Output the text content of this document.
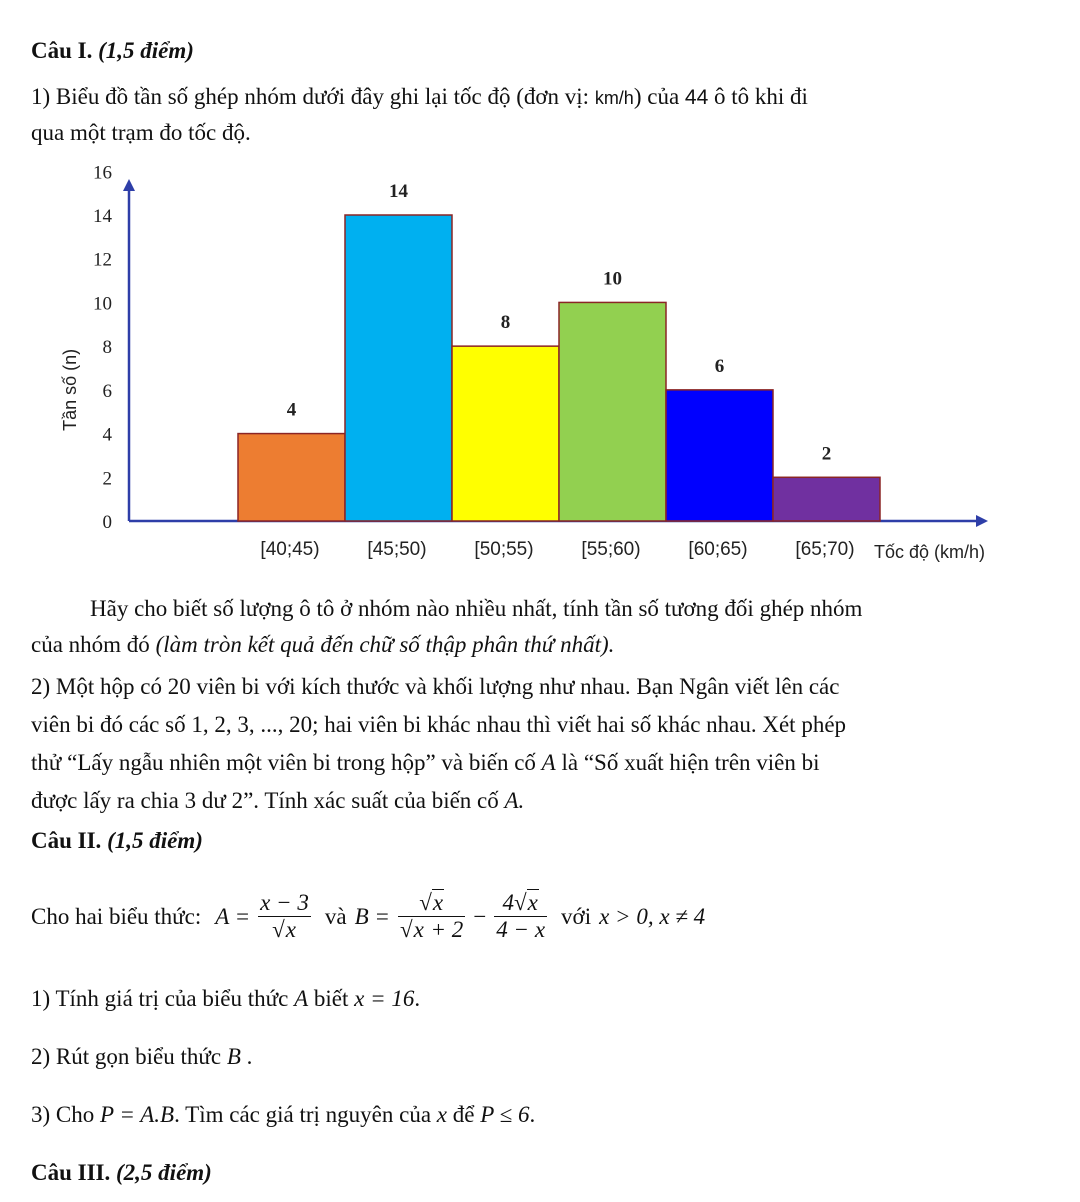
Câu I. (1,5 điểm)
1) Biểu đồ tần số ghép nhóm dưới đây ghi lại tốc độ (đơn vị: km/h) của 44 ô tô khi đi
qua một trạm đo tốc độ.
0
2
4
6
8
10
12
14
16
Tần số (n)	4
[40;45)
14
[45;50)
8
[50;55)
10
[55;60)
6
[60;65)
2
[65;70) Tốc độ (km/h)
Hãy cho biết số lượng ô tô ở nhóm nào nhiều nhất, tính tần số tương đối ghép nhóm
của nhóm đó (làm tròn kết quả đến chữ số thập phân thứ nhất).
2) Một hộp có 20 viên bi với kích thước và khối lượng như nhau. Bạn Ngân viết lên các
viên bi đó các số 1, 2, 3, ..., 20; hai viên bi khác nhau thì viết hai số khác nhau. Xét phép
thử “Lấy ngẫu nhiên một viên bi trong hộp” và biến cố A là “Số xuất hiện trên viên bi
được lấy ra chia 3 dư 2”. Tính xác suất của biến cố A.
Câu II. (1,5 điểm)
Cho hai biểu thức: $A = \frac{x - 3}{√x}$ và $B = \frac{√x}{√x + 2} - \frac{4√x}{4 - x}$ với x > 0, x ≠ 4
1) Tính giá trị của biểu thức A biết x = 16.
2) Rút gọn biểu thức B .
3) Cho P = A.B. Tìm các giá trị nguyên của x để P ≤ 6.
Câu III. (2,5 điểm)
